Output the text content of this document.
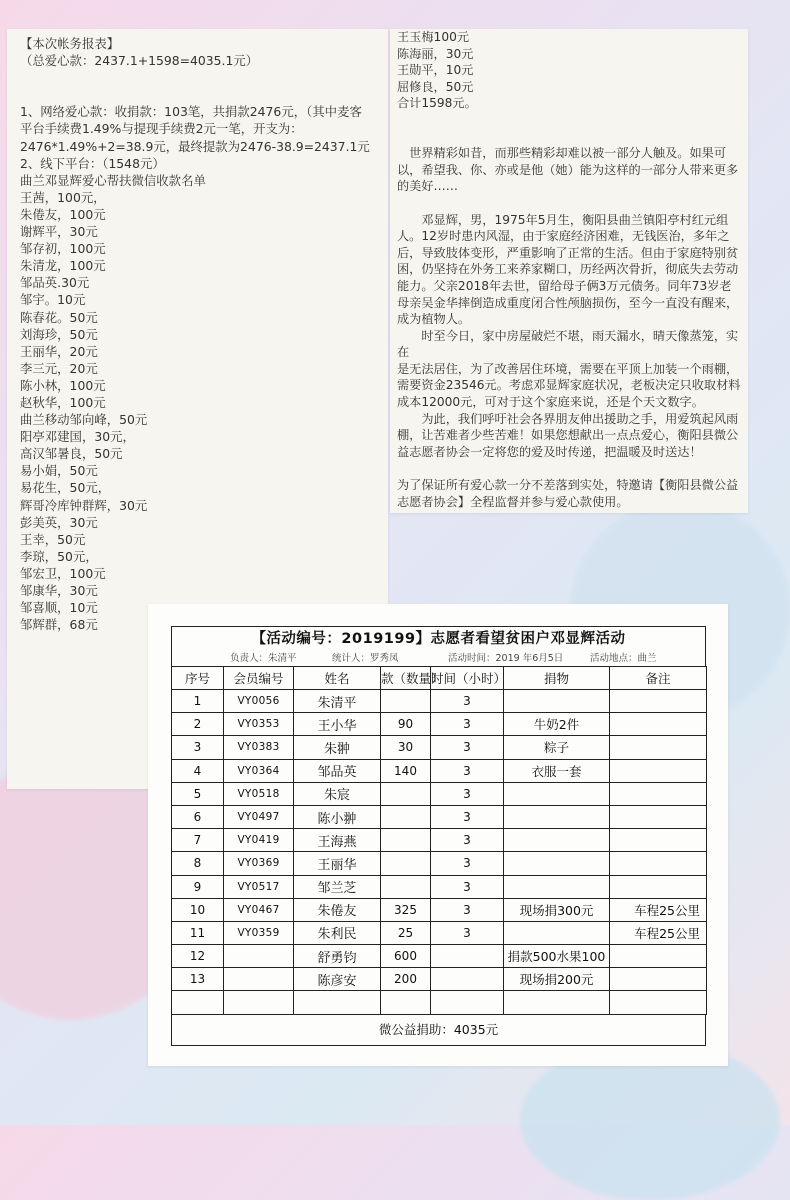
【本次帐务报表】
（总爱心款：2437.1+1598=4035.1元）
1、网络爱心款：收捐款：103笔，共捐款2476元，（其中麦客
平台手续费1.49%与提现手续费2元一笔，开支为：
2476*1.49%+2=38.9元，最终提款为2476-38.9=2437.1元
2、线下平台：（1548元）
曲兰邓显辉爱心帮扶微信收款名单
王茜，100元，
朱倦友，100元
谢辉平，30元
邹存初，100元
朱清龙，100元
邹品英.30元
邹宇。10元
陈春花。50元
刘海珍，50元
王丽华，20元
李三元，20元
陈小林，100元
赵秋华，100元
曲兰移动邹向峰，50元
阳亭邓建国，30元，
高汉邹暑良，50元
易小娟，50元
易花生，50元，
辉哥冷库钟群辉，30元
彭美英，30元
王幸，50元
李琼，50元，
邹宏卫，100元
邹康华，30元
邹喜顺，10元
邹辉群，68元
王玉梅100元
陈海丽，30元
王勋平，10元
屈修良，50元
合计1598元。
　世界精彩如昔，而那些精彩却难以被一部分人触及。如果可
以，希望我、你、亦或是他（她）能为这样的一部分人带来更多
的美好……
　　邓显辉，男，1975年5月生，衡阳县曲兰镇阳亭村红元组
人。12岁时患内风湿，由于家庭经济困难，无钱医治，多年之
后，导致肢体变形，严重影响了正常的生活。但由于家庭特别贫
困，仍坚持在外务工来养家糊口，历经两次骨折，彻底失去劳动
能力。父亲2018年去世，留给母子俩3万元债务。同年73岁老
母亲吴金华摔倒造成重度闭合性颅脑损伤，至今一直没有醒来，
成为植物人。
　　时至今日，家中房屋破烂不堪，雨天漏水，晴天像蒸笼，实在
是无法居住，为了改善居住环境，需要在平顶上加装一个雨棚，
需要资金23546元。考虑邓显辉家庭状况，老板决定只收取材料
成本12000元，可对于这个家庭来说，还是个天文数字。
　　为此，我们呼吁社会各界朋友伸出援助之手，用爱筑起风雨
棚，让苦难者少些苦难！如果您想献出一点点爱心，衡阳县微公
益志愿者协会一定将您的爱及时传递，把温暖及时送达！
为了保证所有爱心款一分不差落到实处，特邀请【衡阳县微公益
志愿者协会】全程监督并参与爱心款使用。
【活动编号：2019199】志愿者看望贫困户邓显辉活动
负责人：朱清平	统计人：罗秀凤	活动时间：2019 年6月5日	活动地点：曲兰
序号	会员编号	姓名	款（数量）	时间（小时）	捐物	备注
1	VY0056	朱清平		3		
2	VY0353	王小华	90	3	牛奶2件	
3	VY0383	朱翀	30	3	粽子	
4	VY0364	邹品英	140	3	衣服一套	
5	VY0518	朱宸		3		
6	VY0497	陈小翀		3		
7	VY0419	王海燕		3		
8	VY0369	王丽华		3		
9	VY0517	邹兰芝		3		
10	VY0467	朱倦友	325	3	现场捐300元	车程25公里
11	VY0359	朱利民	25	3		车程25公里
12		舒勇钧	600		捐款500水果100	
13		陈彦安	200		现场捐200元	

微公益捐助：4035元
